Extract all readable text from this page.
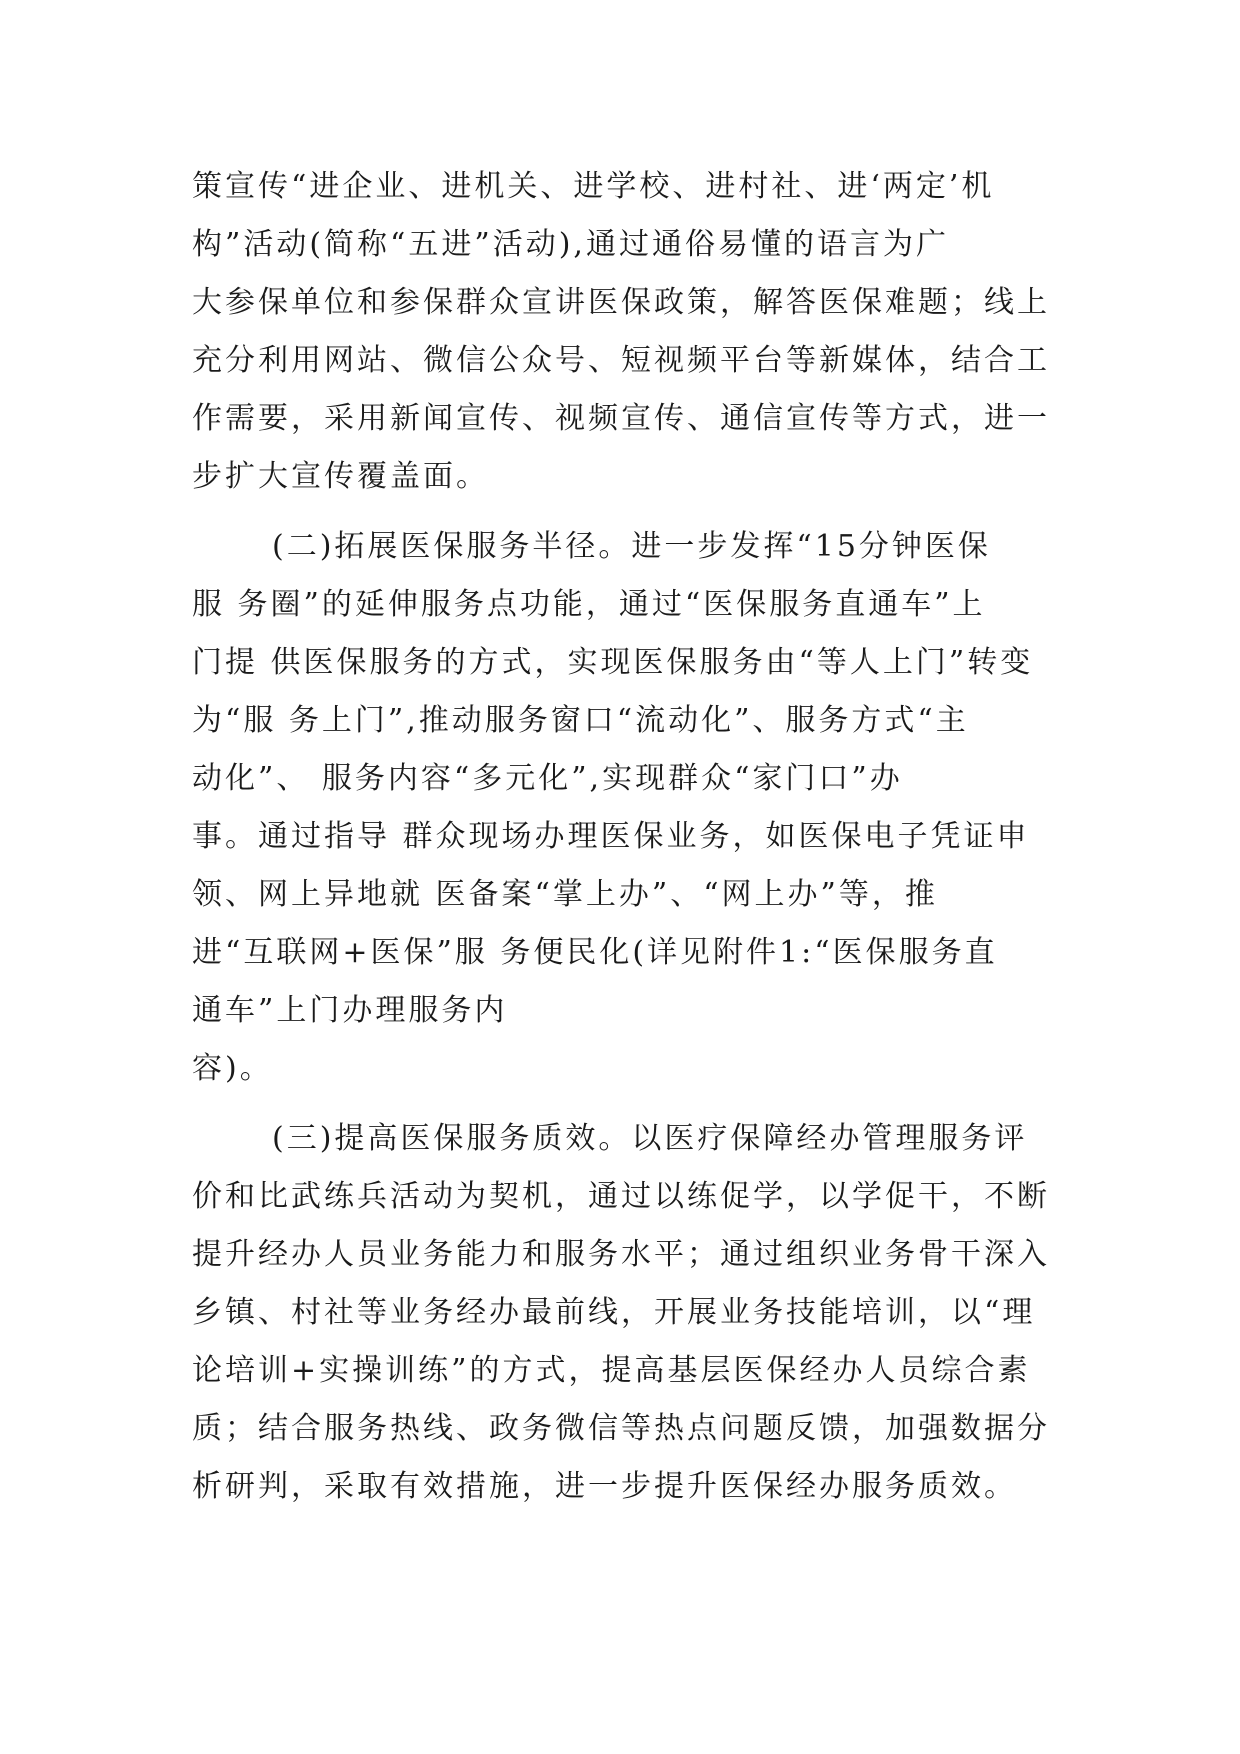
策宣传“进企业、进机关、进学校、进村社、进‘两定’机
构”活动(简称“五进”活动),通过通俗易懂的语言为广
大参保单位和参保群众宣讲医保政策，解答医保难题；线上
充分利用网站、微信公众号、短视频平台等新媒体，结合工
作需要，采用新闻宣传、视频宣传、通信宣传等方式，进一
步扩大宣传覆盖面。
(二)拓展医保服务半径。进一步发挥“15分钟医保
服 务圈”的延伸服务点功能，通过“医保服务直通车”上
门提 供医保服务的方式，实现医保服务由“等人上门”转变
为“服 务上门”,推动服务窗口“流动化”、服务方式“主
动化”、 服务内容“多元化”,实现群众“家门口”办
事。通过指导 群众现场办理医保业务，如医保电子凭证申
领、网上异地就 医备案“掌上办”、“网上办”等，推
进“互联网+医保”服 务便民化(详见附件1:“医保服务直
通车”上门办理服务内
容)。
(三)提高医保服务质效。以医疗保障经办管理服务评
价和比武练兵活动为契机，通过以练促学，以学促干，不断
提升经办人员业务能力和服务水平；通过组织业务骨干深入
乡镇、村社等业务经办最前线，开展业务技能培训，以“理
论培训+实操训练”的方式，提高基层医保经办人员综合素
质；结合服务热线、政务微信等热点问题反馈，加强数据分
析研判，采取有效措施，进一步提升医保经办服务质效。
